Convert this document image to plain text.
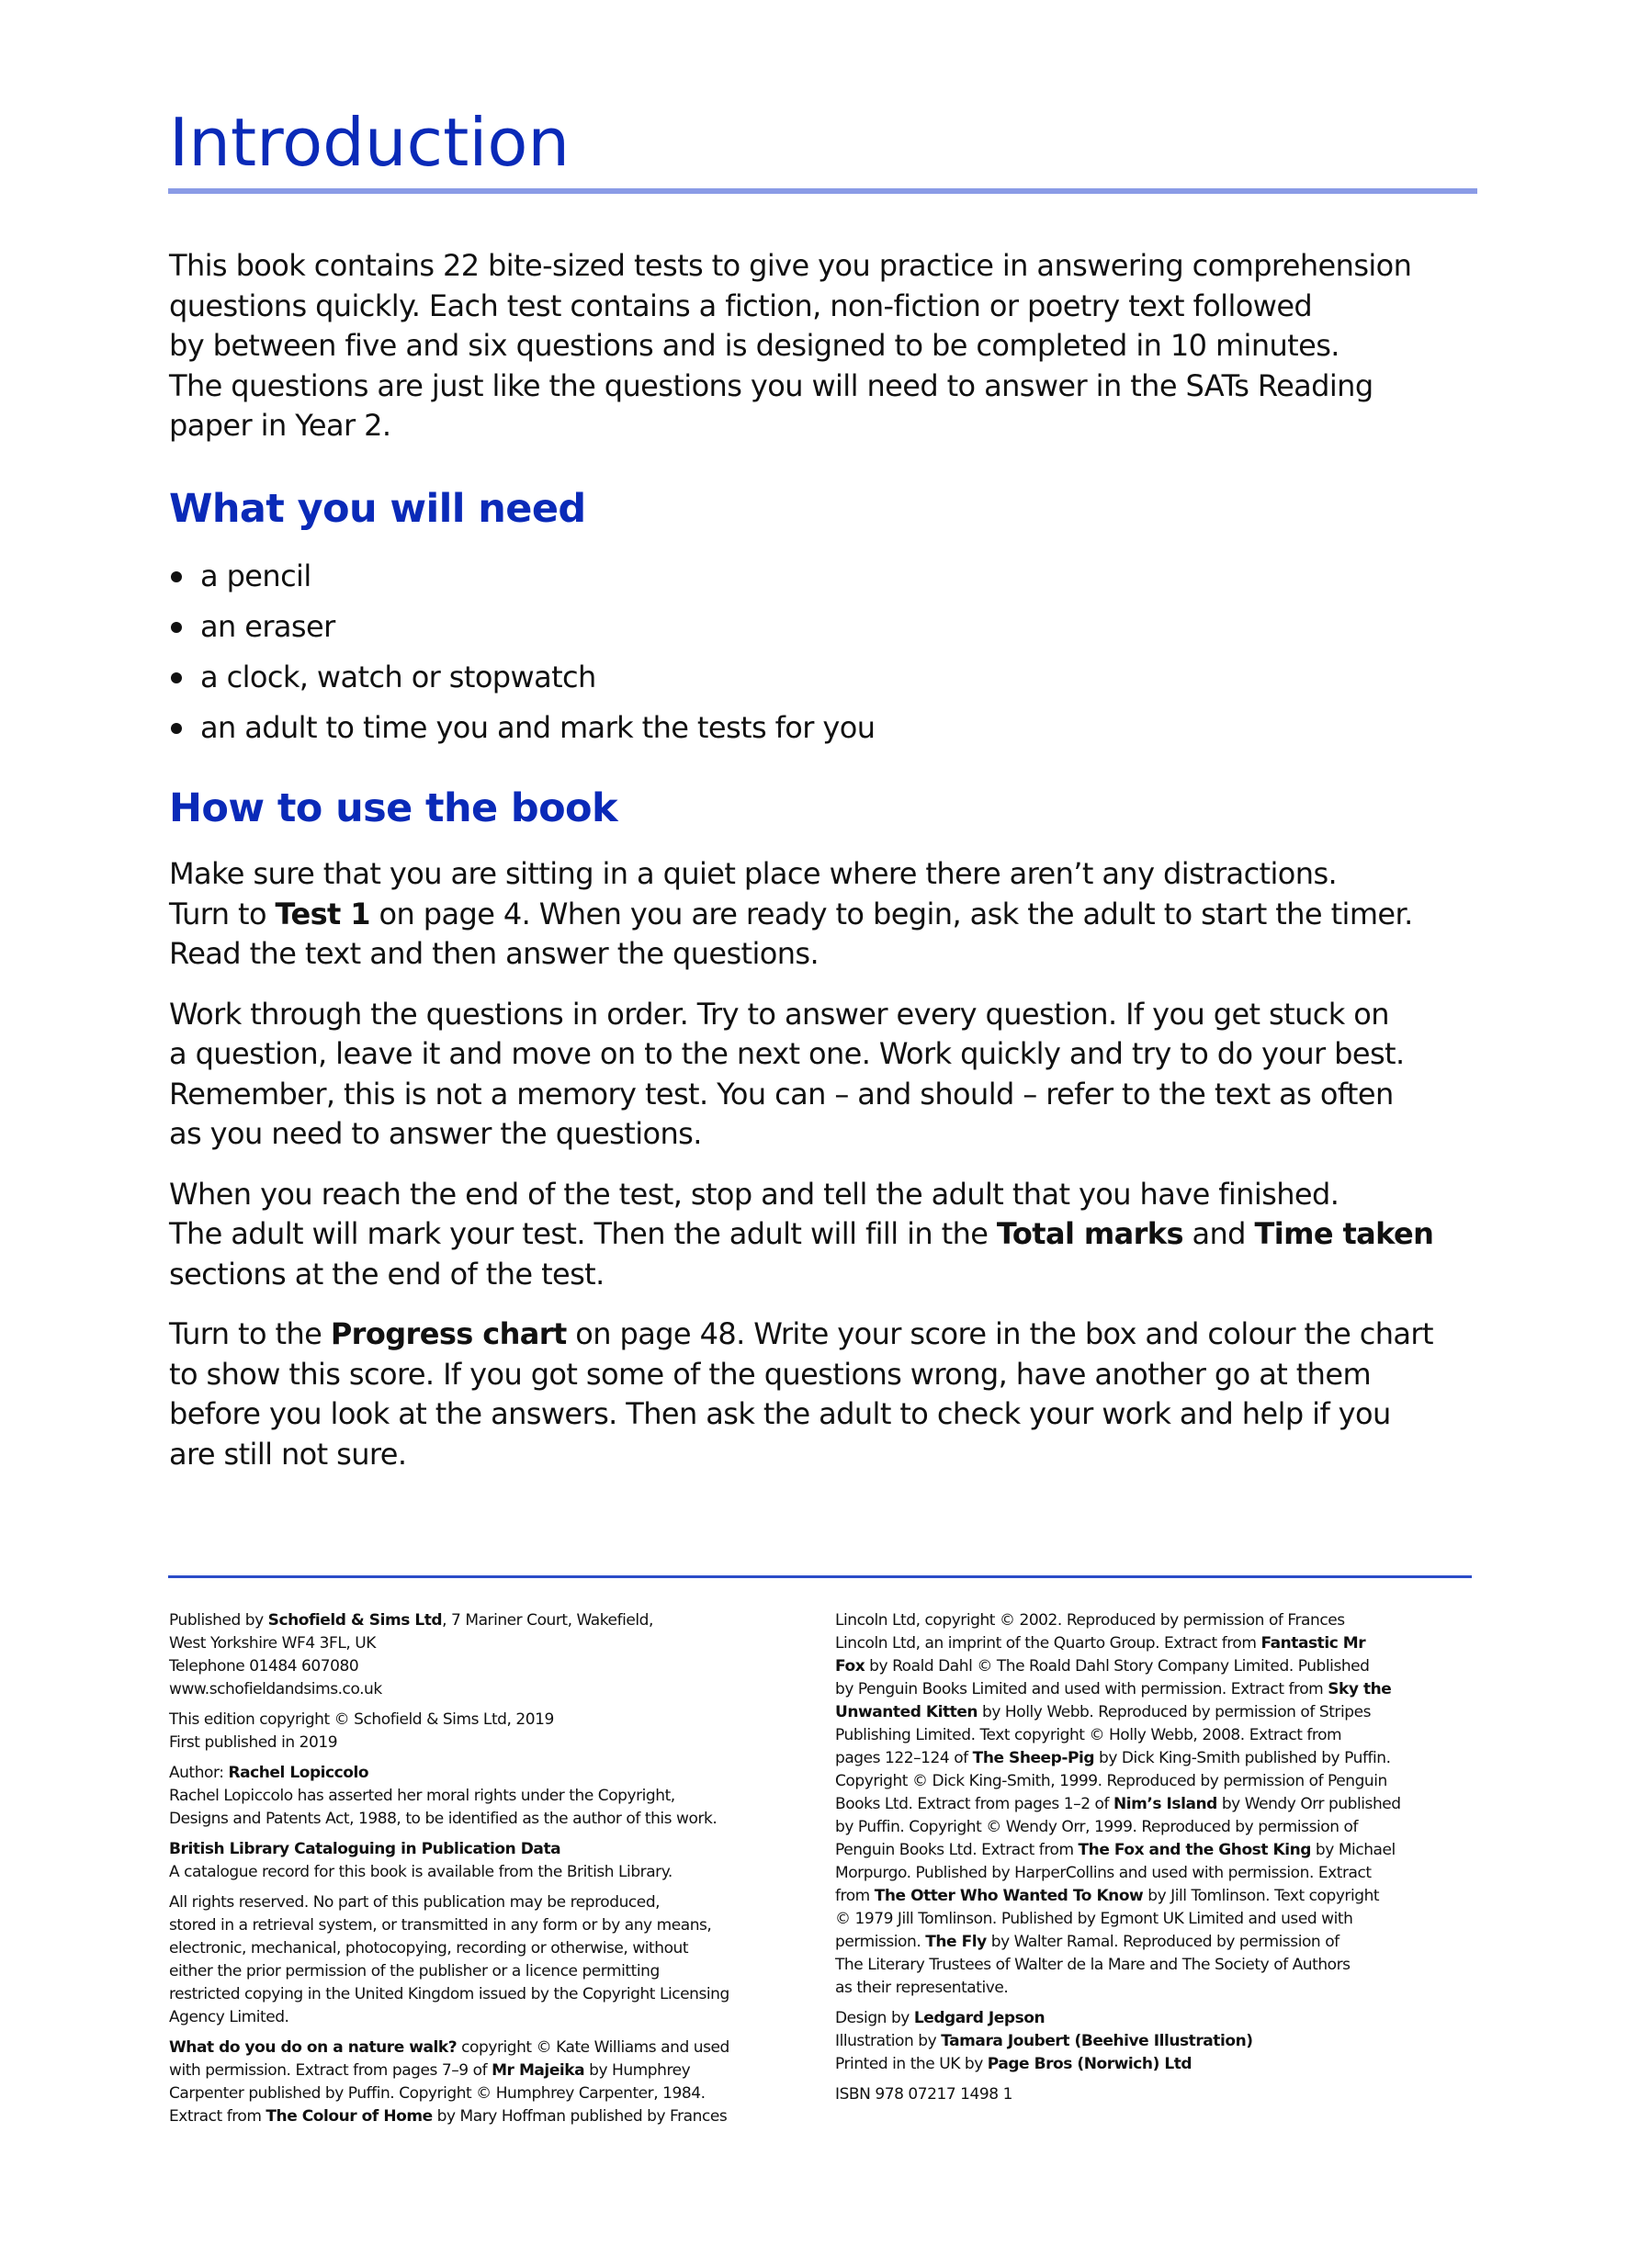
Introduction

This book contains 22 bite-sized tests to give you practice in answering comprehension

questions quickly. Each test contains a fiction, non-fiction or poetry text followed

by between five and six questions and is designed to be completed in 10 minutes.

The questions are just like the questions you will need to answer in the SATs Reading

paper in Year 2.

What you will need
a pencil
an eraser
a clock, watch or stopwatch
an adult to time you and mark the tests for you
How to use the book

Make sure that you are sitting in a quiet place where there aren’t any distractions.
Turn to Test 1 on page 4. When you are ready to begin, ask the adult to start the timer.
Read the text and then answer the questions.

Work through the questions in order. Try to answer every question. If you get stuck on
a question, leave it and move on to the next one. Work quickly and try to do your best.
Remember, this is not a memory test. You can – and should – refer to the text as often
as you need to answer the questions.

When you reach the end of the test, stop and tell the adult that you have finished.
The adult will mark your test. Then the adult will fill in the Total marks and Time taken
sections at the end of the test.

Turn to the Progress chart on page 48. Write your score in the box and colour the chart
to show this score. If you got some of the questions wrong, have another go at them
before you look at the answers. Then ask the adult to check your work and help if you
are still not sure.

Published by Schofield & Sims Ltd, 7 Mariner Court, Wakefield,
West Yorkshire WF4 3FL, UK
Telephone 01484 607080
www.schofieldandsims.co.uk

This edition copyright © Schofield & Sims Ltd, 2019
First published in 2019

Author: Rachel Lopiccolo
Rachel Lopiccolo has asserted her moral rights under the Copyright,
Designs and Patents Act, 1988, to be identified as the author of this work.

British Library Cataloguing in Publication Data
A catalogue record for this book is available from the British Library.

All rights reserved. No part of this publication may be reproduced,
stored in a retrieval system, or transmitted in any form or by any means,
electronic, mechanical, photocopying, recording or otherwise, without
either the prior permission of the publisher or a licence permitting
restricted copying in the United Kingdom issued by the Copyright Licensing
Agency Limited.

What do you do on a nature walk? copyright © Kate Williams and used
with permission. Extract from pages 7–9 of Mr Majeika by Humphrey
Carpenter published by Puffin. Copyright © Humphrey Carpenter, 1984.
Extract from The Colour of Home by Mary Hoffman published by Frances

Lincoln Ltd, copyright © 2002. Reproduced by permission of Frances
Lincoln Ltd, an imprint of the Quarto Group. Extract from Fantastic Mr
Fox by Roald Dahl © The Roald Dahl Story Company Limited. Published
by Penguin Books Limited and used with permission. Extract from Sky the
Unwanted Kitten by Holly Webb. Reproduced by permission of Stripes
Publishing Limited. Text copyright © Holly Webb, 2008. Extract from
pages 122–124 of The Sheep-Pig by Dick King-Smith published by Puffin.
Copyright © Dick King-Smith, 1999. Reproduced by permission of Penguin
Books Ltd. Extract from pages 1–2 of Nim’s Island by Wendy Orr published
by Puffin. Copyright © Wendy Orr, 1999. Reproduced by permission of
Penguin Books Ltd. Extract from The Fox and the Ghost King by Michael
Morpurgo. Published by HarperCollins and used with permission. Extract
from The Otter Who Wanted To Know by Jill Tomlinson. Text copyright
© 1979 Jill Tomlinson. Published by Egmont UK Limited and used with
permission. The Fly by Walter Ramal. Reproduced by permission of
The Literary Trustees of Walter de la Mare and The Society of Authors
as their representative.

Design by Ledgard Jepson
Illustration by Tamara Joubert (Beehive Illustration)
Printed in the UK by Page Bros (Norwich) Ltd

ISBN 978 07217 1498 1
